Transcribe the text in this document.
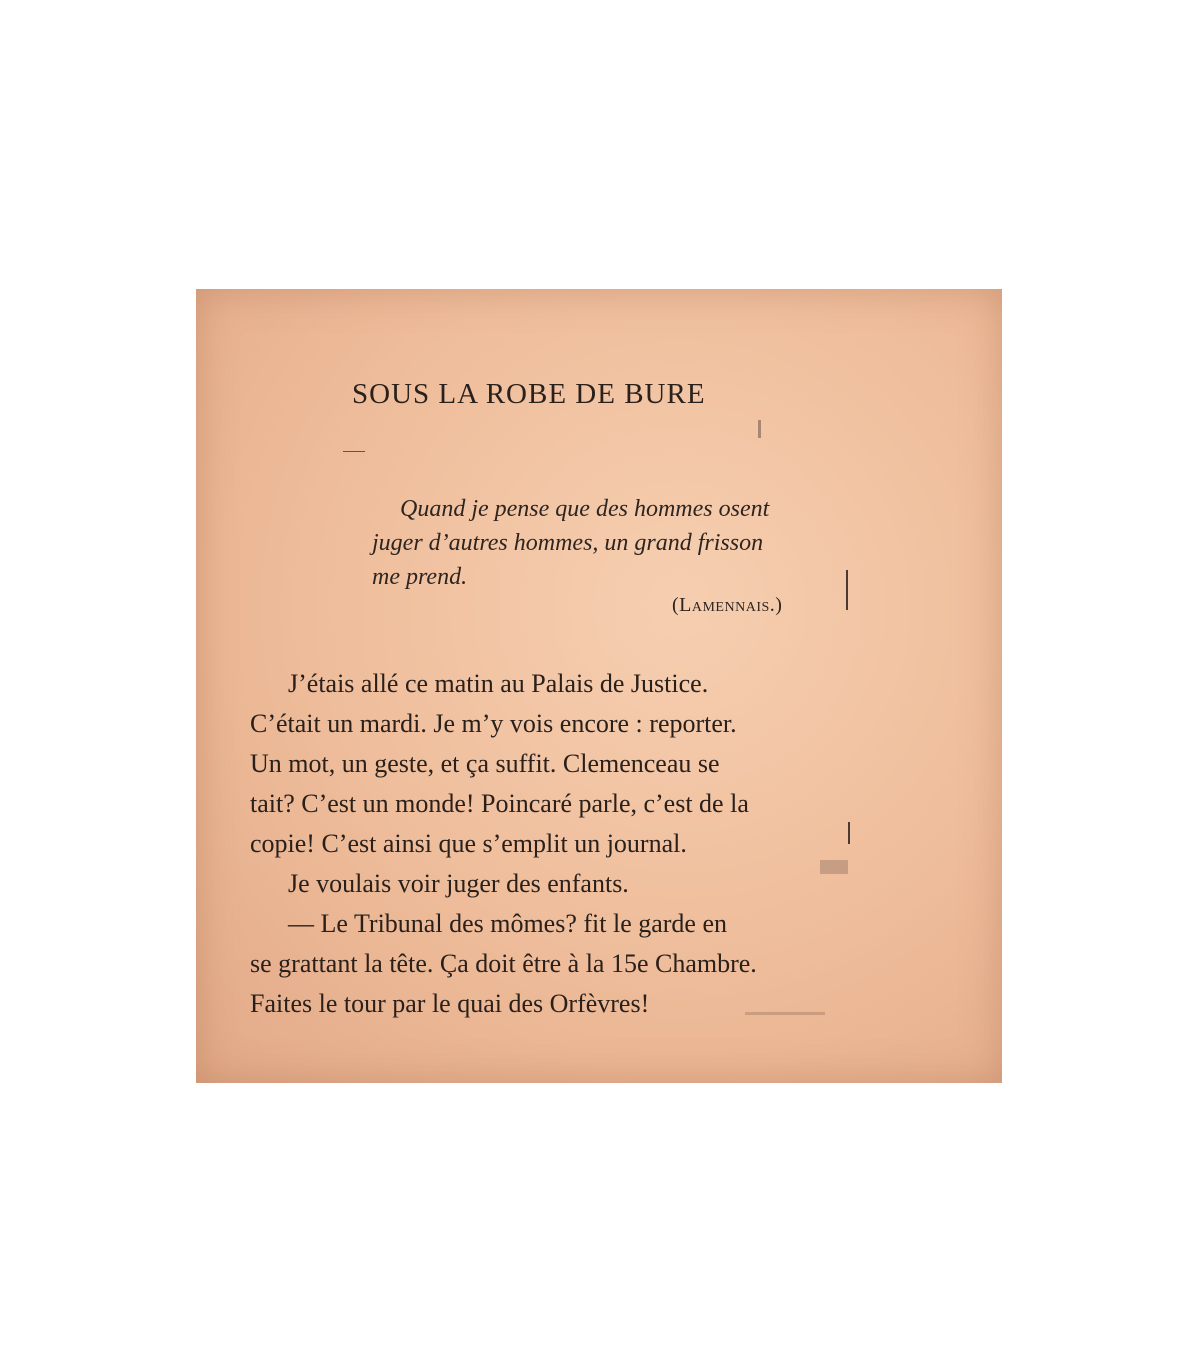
SOUS LA ROBE DE BURE
Quand je pense que des hommes osent
juger d’autres hommes, un grand frisson
me prend.
(Lamennais.)
J’étais allé ce matin au Palais de Justice.
C’était un mardi. Je m’y vois encore : reporter.
Un mot, un geste, et ça suffit. Clemenceau se
tait? C’est un monde! Poincaré parle, c’est de la
copie! C’est ainsi que s’emplit un journal.
Je voulais voir juger des enfants.
— Le Tribunal des mômes? fit le garde en
se grattant la tête. Ça doit être à la 15e Chambre.
Faites le tour par le quai des Orfèvres!
